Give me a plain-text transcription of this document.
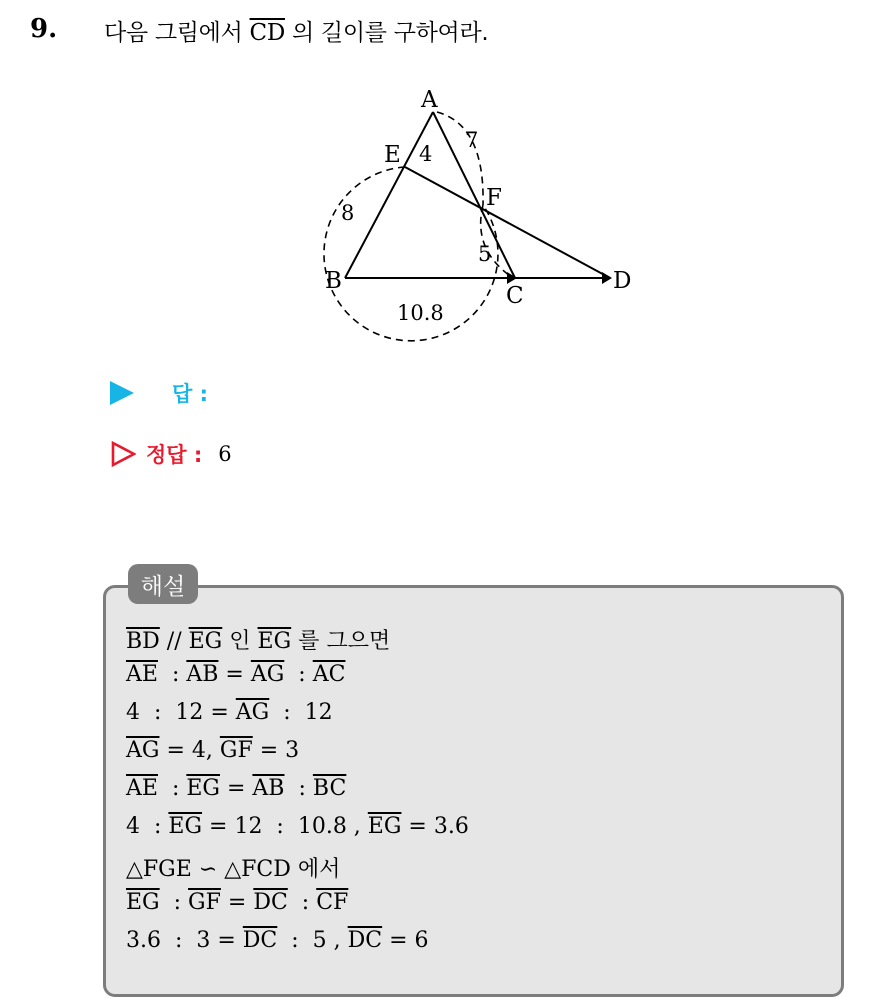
9. 다음 그림에서 $\overline{CD}$ 의 길이를 구하여라.
A
E
F
B
C
D
4
7
8
5
10.8
답 :
정답 : 6
해설
$\overline{BD} // \overline{EG}$ 인 $\overline{EG}$ 를 그으면
$\overline{AE}$  : $\overline{AB} = \overline{AG}$  : $\overline{AC}$
4  :  $12 = \overline{AG}$  :  12
$\overline{AG} = 4$, $\overline{GF} = 3$
$\overline{AE}$  : $\overline{EG} = \overline{AB}$  : $\overline{BC}$
4  : $\overline{EG} = 12$  :  10.8 , $\overline{EG} = 3.6$
△FGE ∽ △FCD 에서
$\overline{EG}$  : $\overline{GF} = \overline{DC}$  : $\overline{CF}$
3.6  :  $3 = \overline{DC}$  :  5 , $\overline{DC} = 6$
